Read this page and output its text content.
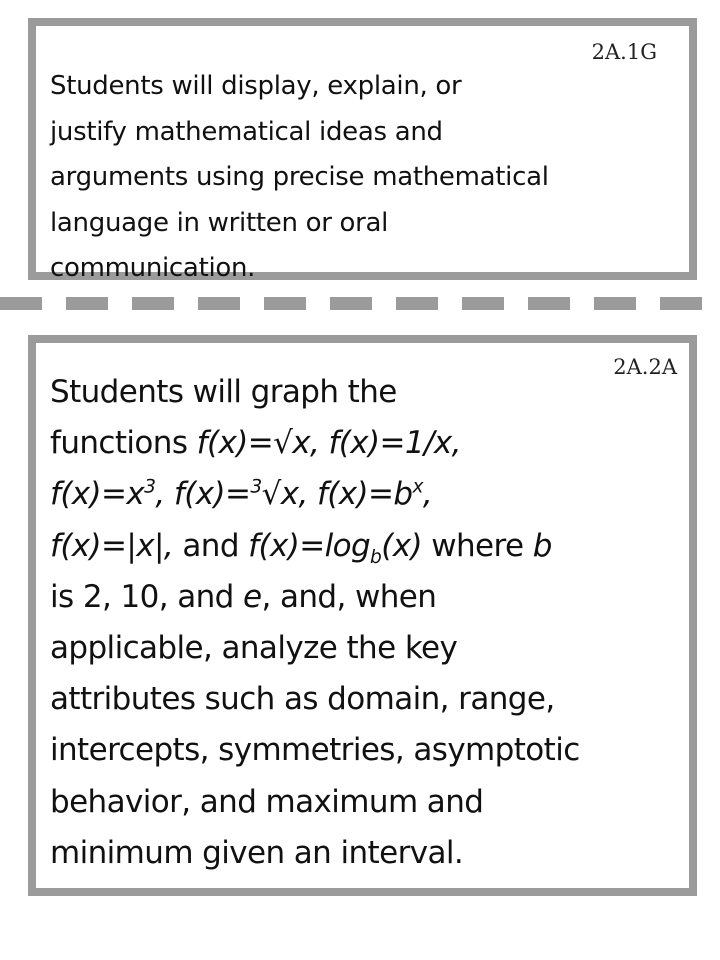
2A.1G
Students will display, explain, or
justify mathematical ideas and
arguments using precise mathematical
language in written or oral
communication.
2A.2A
Students will graph the
functions f(x)=√x, f(x)=1/x,
$f(x)=x^3$, f(x)=$^3$√x, $f(x)=b^x$,
f(x)=|x|, and $f(x)=\log_b(x)$ where b
is 2, 10, and e, and, when
applicable, analyze the key
attributes such as domain, range,
intercepts, symmetries, asymptotic
behavior, and maximum and
minimum given an interval.
